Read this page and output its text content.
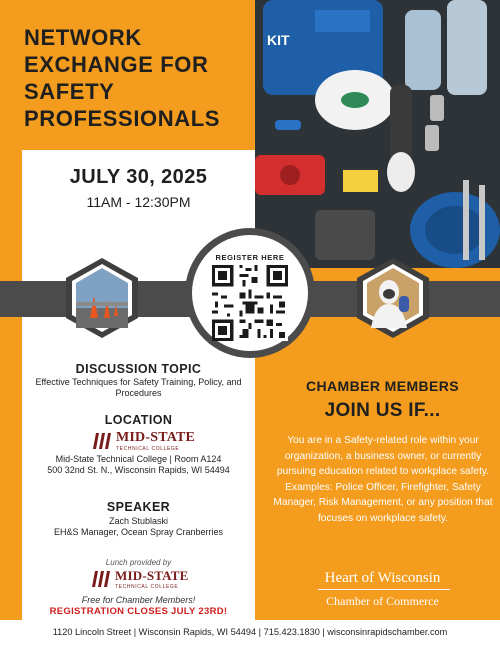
NETWORK EXCHANGE FOR SAFETY PROFESSIONALS
KIT
JULY 30, 2025
11AM - 12:30PM
REGISTER HERE
DISCUSSION TOPIC
Effective Techniques for Safety Training, Policy, and Procedures
LOCATION
MID-STATE
TECHNICAL COLLEGE
Mid-State Technical College | Room A124
500 32nd St. N., Wisconsin Rapids, WI 54494
SPEAKER
Zach Stublaski
EH&S Manager, Ocean Spray Cranberries
Lunch provided by
MID-STATE
TECHNICAL COLLEGE
Free for Chamber Members!
REGISTRATION CLOSES JULY 23RD!
CHAMBER MEMBERS
JOIN US IF...
You are in a Safety-related role within your organization, a business owner, or currently pursuing education related to workplace safety. Examples: Police Officer, Firefighter, Safety Manager, Risk Management, or any position that focuses on workplace safety.
Heart of Wisconsin
Chamber of Commerce
1120 Lincoln Street | Wisconsin Rapids, WI 54494 | 715.423.1830 | wisconsinrapidschamber.com
